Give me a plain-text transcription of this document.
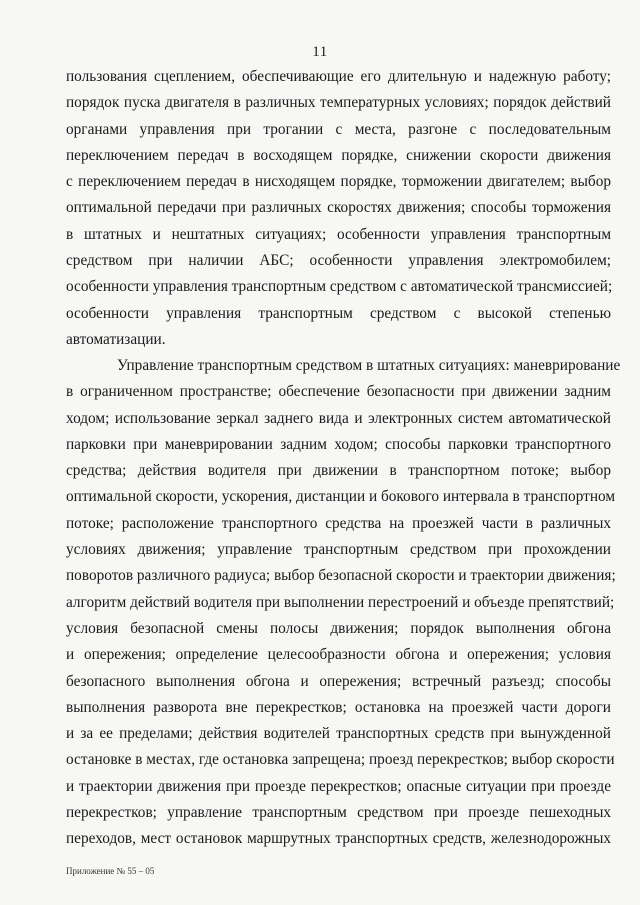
11
пользования сцеплением, обеспечивающие его длительную и надежную работу;
порядок пуска двигателя в различных температурных условиях; порядок действий
органами управления при трогании с места, разгоне с последовательным
переключением передач в восходящем порядке, снижении скорости движения
с переключением передач в нисходящем порядке, торможении двигателем; выбор
оптимальной передачи при различных скоростях движения; способы торможения
в штатных и нештатных ситуациях; особенности управления транспортным
средством при наличии АБС; особенности управления электромобилем;
особенности управления транспортным средством с автоматической трансмиссией;
особенности управления транспортным средством с высокой степенью
автоматизации.
Управление транспортным средством в штатных ситуациях: маневрирование
в ограниченном пространстве; обеспечение безопасности при движении задним
ходом; использование зеркал заднего вида и электронных систем автоматической
парковки при маневрировании задним ходом; способы парковки транспортного
средства; действия водителя при движении в транспортном потоке; выбор
оптимальной скорости, ускорения, дистанции и бокового интервала в транспортном
потоке; расположение транспортного средства на проезжей части в различных
условиях движения; управление транспортным средством при прохождении
поворотов различного радиуса; выбор безопасной скорости и траектории движения;
алгоритм действий водителя при выполнении перестроений и объезде препятствий;
условия безопасной смены полосы движения; порядок выполнения обгона
и опережения; определение целесообразности обгона и опережения; условия
безопасного выполнения обгона и опережения; встречный разъезд; способы
выполнения разворота вне перекрестков; остановка на проезжей части дороги
и за ее пределами; действия водителей транспортных средств при вынужденной
остановке в местах, где остановка запрещена; проезд перекрестков; выбор скорости
и траектории движения при проезде перекрестков; опасные ситуации при проезде
перекрестков; управление транспортным средством при проезде пешеходных
переходов, мест остановок маршрутных транспортных средств, железнодорожных
Приложение № 55 – 05
